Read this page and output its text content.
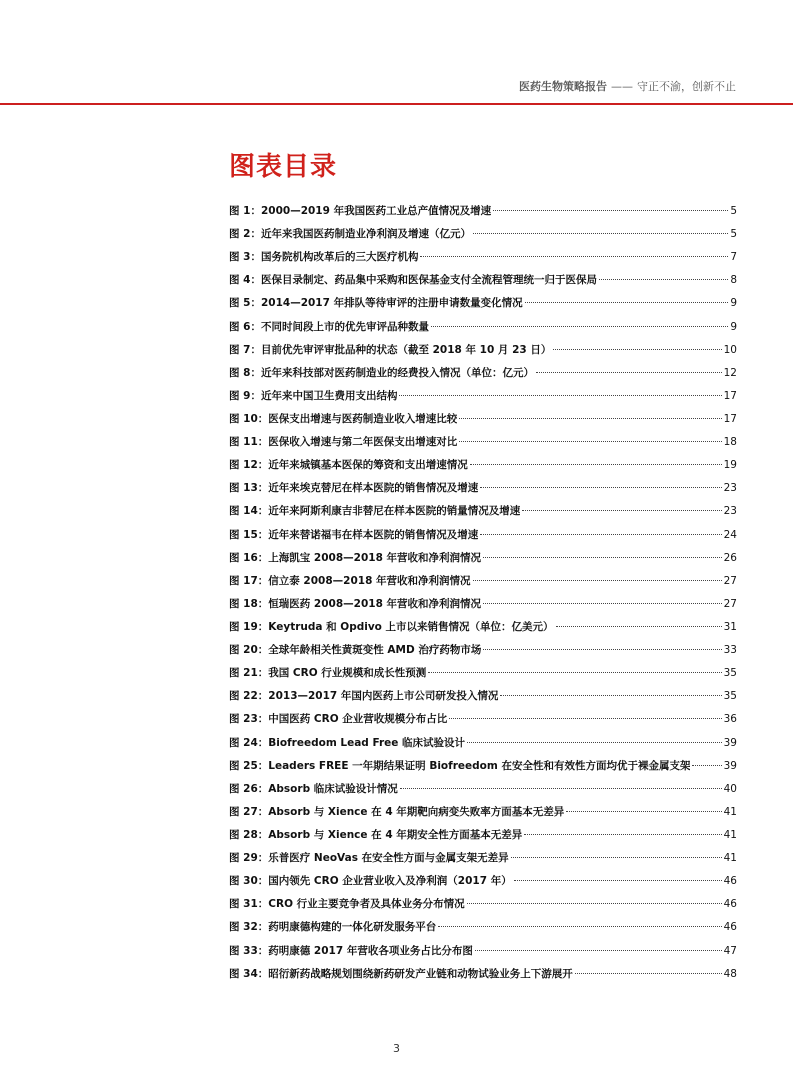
医药生物策略报告 —— 守正不渝，创新不止
图表目录
图 1： 2000—2019 年我国医药工业总产值情况及增速	5
图 2： 近年来我国医药制造业净利润及增速（亿元）	5
图 3： 国务院机构改革后的三大医疗机构	7
图 4： 医保目录制定、药品集中采购和医保基金支付全流程管理统一归于医保局	8
图 5： 2014—2017 年排队等待审评的注册申请数量变化情况	9
图 6： 不同时间段上市的优先审评品种数量	9
图 7： 目前优先审评审批品种的状态（截至 2018 年 10 月 23 日）	10
图 8： 近年来科技部对医药制造业的经费投入情况（单位：亿元）	12
图 9： 近年来中国卫生费用支出结构	17
图 10： 医保支出增速与医药制造业收入增速比较	17
图 11： 医保收入增速与第二年医保支出增速对比	18
图 12： 近年来城镇基本医保的筹资和支出增速情况	19
图 13： 近年来埃克替尼在样本医院的销售情况及增速	23
图 14： 近年来阿斯利康吉非替尼在样本医院的销量情况及增速	23
图 15： 近年来替诺福韦在样本医院的销售情况及增速	24
图 16： 上海凯宝 2008—2018 年营收和净利润情况	26
图 17： 信立泰 2008—2018 年营收和净利润情况	27
图 18： 恒瑞医药 2008—2018 年营收和净利润情况	27
图 19： Keytruda 和 Opdivo 上市以来销售情况（单位：亿美元）	31
图 20： 全球年龄相关性黄斑变性 AMD 治疗药物市场	33
图 21： 我国 CRO 行业规模和成长性预测	35
图 22： 2013—2017 年国内医药上市公司研发投入情况	35
图 23： 中国医药 CRO 企业营收规模分布占比	36
图 24： Biofreedom Lead Free 临床试验设计	39
图 25： Leaders FREE 一年期结果证明 Biofreedom 在安全性和有效性方面均优于裸金属支架	39
图 26： Absorb 临床试验设计情况	40
图 27： Absorb 与 Xience 在 4 年期靶向病变失败率方面基本无差异	41
图 28： Absorb 与 Xience 在 4 年期安全性方面基本无差异	41
图 29： 乐普医疗 NeoVas 在安全性方面与金属支架无差异	41
图 30： 国内领先 CRO 企业营业收入及净利润（2017 年）	46
图 31： CRO 行业主要竞争者及具体业务分布情况	46
图 32： 药明康德构建的一体化研发服务平台	46
图 33： 药明康德 2017 年营收各项业务占比分布图	47
图 34： 昭衍新药战略规划围绕新药研发产业链和动物试验业务上下游展开	48
3
